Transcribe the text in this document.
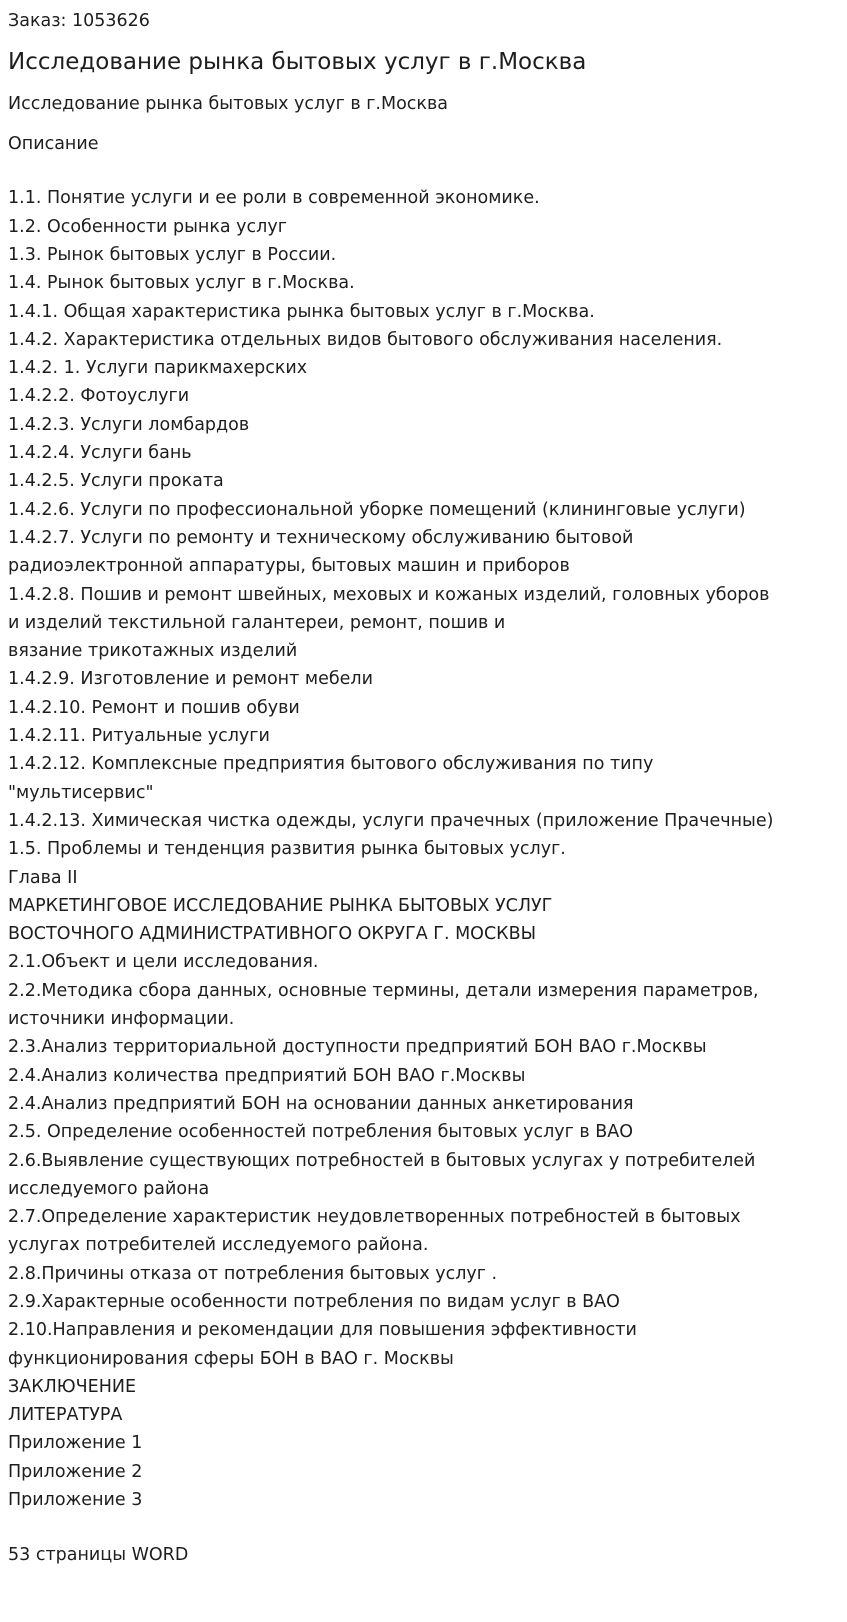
Заказ: 1053626
Исследование рынка бытовых услуг в г.Москва
Исследование рынка бытовых услуг в г.Москва
Описание
1.1. Понятие услуги и ее роли в современной экономике.
1.2. Особенности рынка услуг
1.3. Рынок бытовых услуг в России.
1.4. Рынок бытовых услуг в г.Москва.
1.4.1. Общая характеристика рынка бытовых услуг в г.Москва.
1.4.2. Характеристика отдельных видов бытового обслуживания населения.
1.4.2. 1. Услуги парикмахерских
1.4.2.2. Фотоуслуги
1.4.2.3. Услуги ломбардов
1.4.2.4. Услуги бань
1.4.2.5. Услуги проката
1.4.2.6. Услуги по профессиональной уборке помещений (клининговые услуги)
1.4.2.7. Услуги по ремонту и техническому обслуживанию бытовой
радиоэлектронной аппаратуры, бытовых машин и приборов
1.4.2.8. Пошив и ремонт швейных, меховых и кожаных изделий, головных уборов
и изделий текстильной галантереи, ремонт, пошив и
вязание трикотажных изделий
1.4.2.9. Изготовление и ремонт мебели
1.4.2.10. Ремонт и пошив обуви
1.4.2.11. Ритуальные услуги
1.4.2.12. Комплексные предприятия бытового обслуживания по типу
"мультисервис"
1.4.2.13. Химическая чистка одежды, услуги прачечных (приложение Прачечные)
1.5. Проблемы и тенденция развития рынка бытовых услуг.
Глава II
МАРКЕТИНГОВОЕ ИССЛЕДОВАНИЕ РЫНКА БЫТОВЫХ УСЛУГ
ВОСТОЧНОГО АДМИНИСТРАТИВНОГО ОКРУГА Г. МОСКВЫ
2.1.Объект и цели исследования.
2.2.Методика сбора данных, основные термины, детали измерения параметров,
источники информации.
2.3.Анализ территориальной доступности предприятий БОН ВАО г.Москвы
2.4.Анализ количества предприятий БОН ВАО г.Москвы
2.4.Анализ предприятий БОН на основании данных анкетирования
2.5. Определение особенностей потребления бытовых услуг в ВАО
2.6.Выявление существующих потребностей в бытовых услугах у потребителей
исследуемого района
2.7.Определение характеристик неудовлетворенных потребностей в бытовых
услугах потребителей исследуемого района.
2.8.Причины отказа от потребления бытовых услуг .
2.9.Характерные особенности потребления по видам услуг в ВАО
2.10.Направления и рекомендации для повышения эффективности
функционирования сферы БОН в ВАО г. Москвы
ЗАКЛЮЧЕНИЕ
ЛИТЕРАТУРА
Приложение 1
Приложение 2
Приложение 3
53 страницы WORD
